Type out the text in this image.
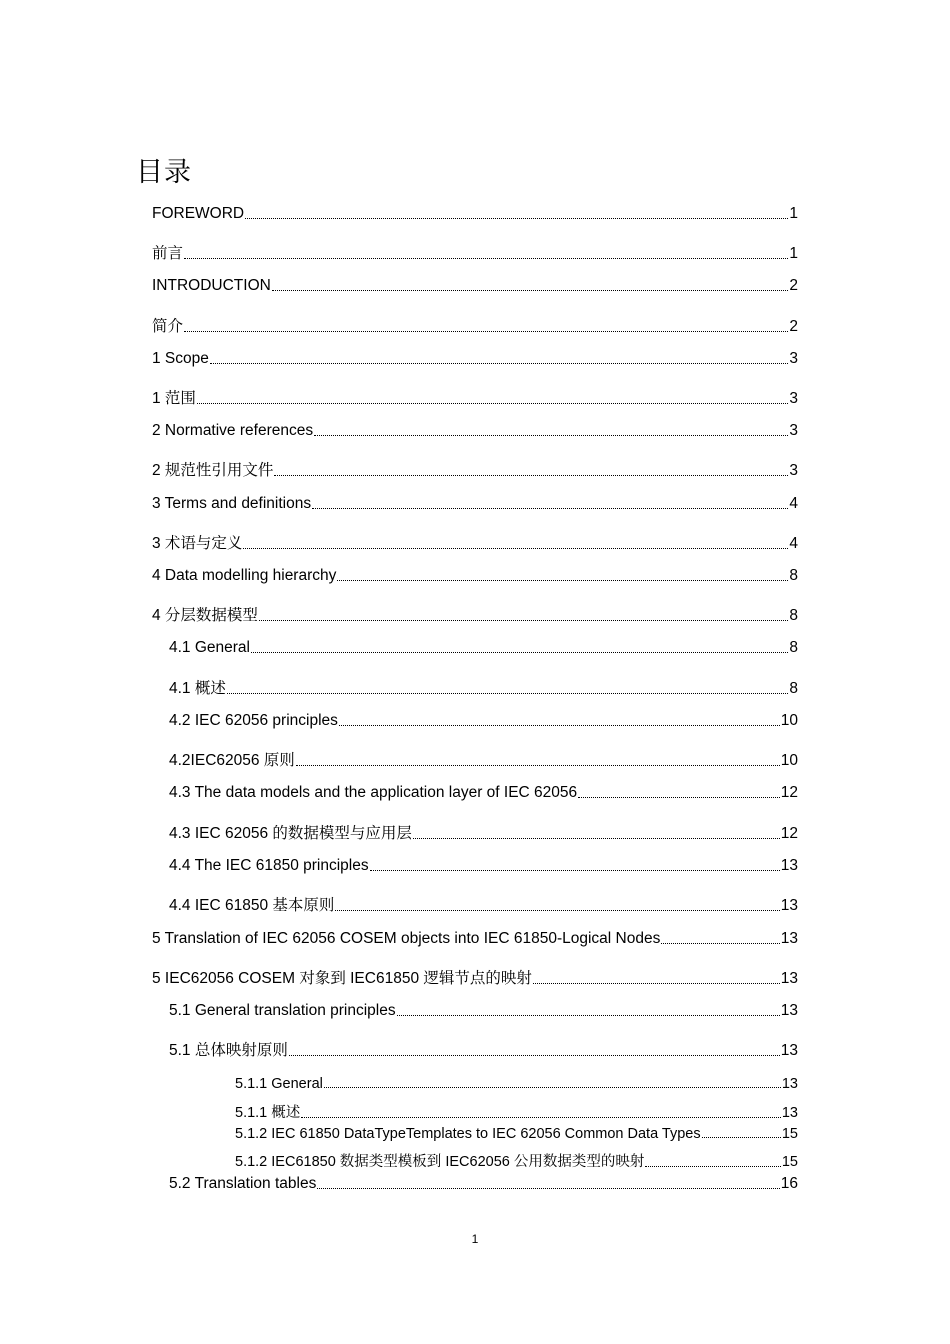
目录
FOREWORD	1
前言	1
INTRODUCTION	2
简介	2
1 Scope	3
1 范围	3
2 Normative references	3
2 规范性引用文件	3
3 Terms and definitions	4
3 术语与定义	4
4 Data modelling hierarchy	8
4 分层数据模型	8
4.1 General	8
4.1 概述	8
4.2 IEC 62056 principles	10
4.2IEC62056 原则	10
4.3 The data models and the application layer of IEC 62056	12
4.3 IEC 62056 的数据模型与应用层	12
4.4 The IEC 61850 principles	13
4.4 IEC 61850 基本原则	13
5 Translation of IEC 62056 COSEM objects into IEC 61850-Logical Nodes	13
5 IEC62056 COSEM 对象到 IEC61850 逻辑节点的映射	13
5.1 General translation principles	13
5.1 总体映射原则	13
5.1.1 General	13
5.1.1 概述	13
5.1.2 IEC 61850 DataTypeTemplates to IEC 62056 Common Data Types	15
5.1.2 IEC61850 数据类型模板到 IEC62056 公用数据类型的映射	15
5.2 Translation tables	16
1
